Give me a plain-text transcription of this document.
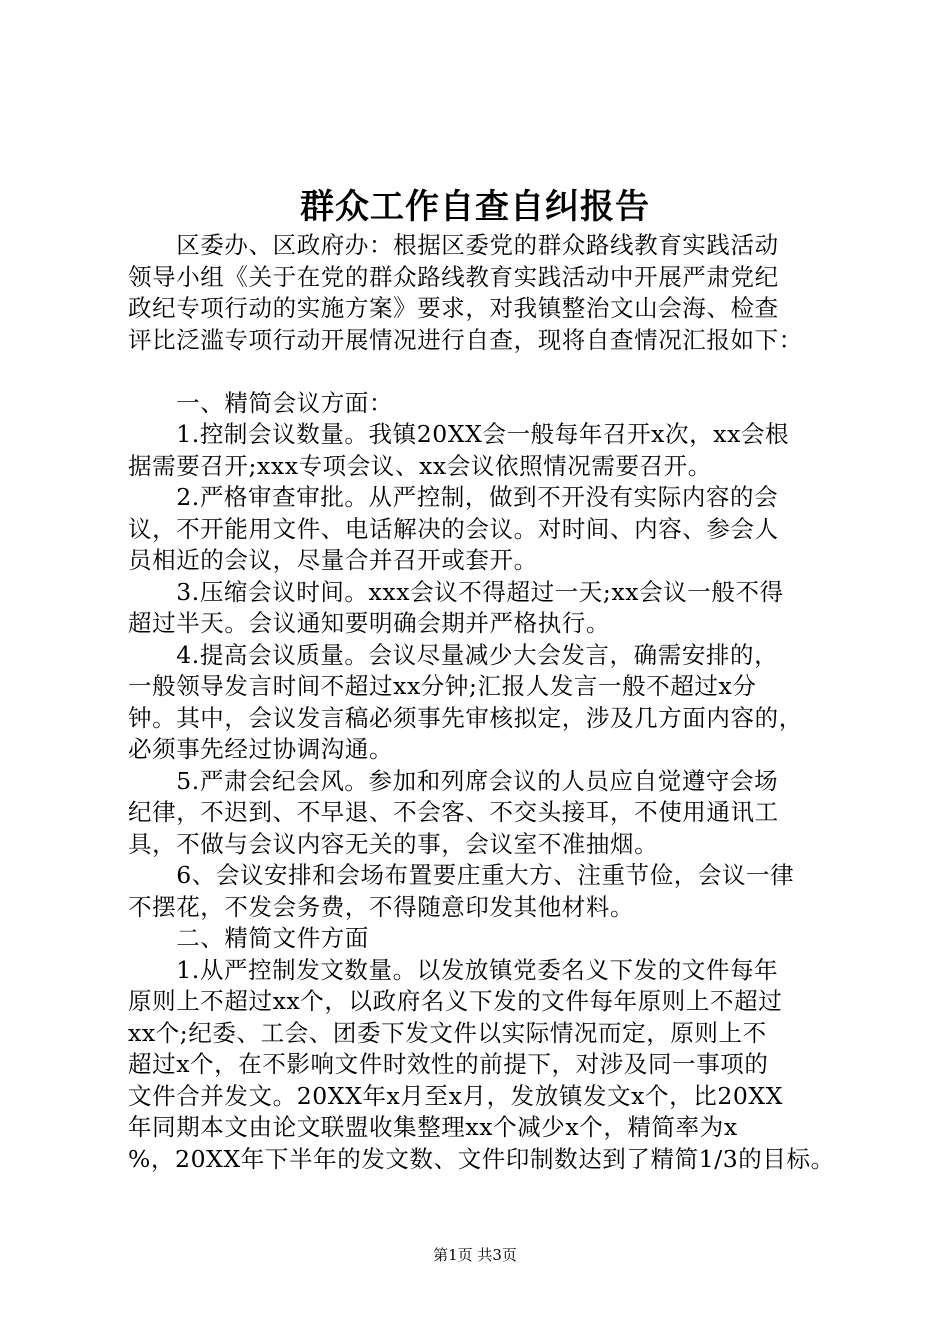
群众工作自查自纠报告
　　区委办、区政府办：根据区委党的群众路线教育实践活动
领导小组《关于在党的群众路线教育实践活动中开展严肃党纪
政纪专项行动的实施方案》要求，对我镇整治文山会海、检查
评比泛滥专项行动开展情况进行自查，现将自查情况汇报如下：
　　一、精简会议方面：
　　1.控制会议数量。我镇20XX会一般每年召开x次，xx会根
据需要召开;xxx专项会议、xx会议依照情况需要召开。
　　2.严格审查审批。从严控制，做到不开没有实际内容的会
议，不开能用文件、电话解决的会议。对时间、内容、参会人
员相近的会议，尽量合并召开或套开。
　　3.压缩会议时间。xxx会议不得超过一天;xx会议一般不得
超过半天。会议通知要明确会期并严格执行。
　　4.提高会议质量。会议尽量减少大会发言，确需安排的，
一般领导发言时间不超过xx分钟;汇报人发言一般不超过x分
钟。其中，会议发言稿必须事先审核拟定，涉及几方面内容的，
必须事先经过协调沟通。
　　5.严肃会纪会风。参加和列席会议的人员应自觉遵守会场
纪律，不迟到、不早退、不会客、不交头接耳，不使用通讯工
具，不做与会议内容无关的事，会议室不准抽烟。
　　6、会议安排和会场布置要庄重大方、注重节俭，会议一律
不摆花，不发会务费，不得随意印发其他材料。
　　二、精简文件方面
　　1.从严控制发文数量。以发放镇党委名义下发的文件每年
原则上不超过xx个，以政府名义下发的文件每年原则上不超过
xx个;纪委、工会、团委下发文件以实际情况而定，原则上不
超过x个，在不影响文件时效性的前提下，对涉及同一事项的
文件合并发文。20XX年x月至x月，发放镇发文x个，比20XX
年同期本文由论文联盟收集整理xx个减少x个，精简率为x
%，20XX年下半年的发文数、文件印制数达到了精简1/3的目标。
第1页 共3页
